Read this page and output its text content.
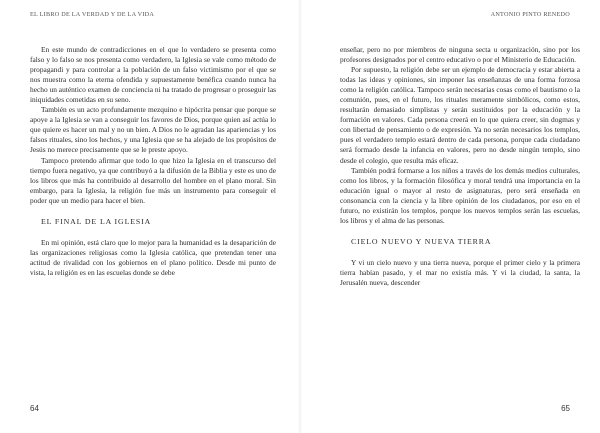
EL LIBRO DE LA VERDAD Y DE LA VIDA

En este mundo de contradicciones en el que lo verdadero se presenta como falso y lo falso se nos presenta como verdadero, la Iglesia se vale como método de propagandi y para controlar a la población de un falso victimismo por el que se nos muestra como la eterna ofendida y supuestamente benéfica cuando nunca ha hecho un auténtico examen de conciencia ni ha tratado de progresar o proseguir las iniquidades cometidas en su seno.

También es un acto profundamente mezquino e hipócrita pensar que porque se apoye a la Iglesia se van a conseguir los favores de Dios, porque quien así actúa lo que quiere es hacer un mal y no un bien. A Dios no le agradan las apariencias y los falsos rituales, sino los hechos, y una Iglesia que se ha alejado de los propósitos de Jesús no merece precisamente que se le preste apoyo.

Tampoco pretendo afirmar que todo lo que hizo la Iglesia en el transcurso del tiempo fuera negativo, ya que contribuyó a la difusión de la Biblia y este es uno de los libros que más ha contribuido al desarrollo del hombre en el plano moral. Sin embargo, para la Iglesia, la religión fue más un instrumento para conseguir el poder que un medio para hacer el bien.

EL FINAL DE LA IGLESIA

En mi opinión, está claro que lo mejor para la humanidad es la desaparición de las organizaciones religiosas como la Iglesia católica, que pretendan tener una actitud de rivalidad con los gobiernos en el plano político. Desde mi punto de vista, la religión es en las escuelas donde se debe

64
ANTONIO PINTO RENEDO

enseñar, pero no por miembros de ninguna secta u organización, sino por los profesores designados por el centro educativo o por el Ministerio de Educación.

Por supuesto, la religión debe ser un ejemplo de democracia y estar abierta a todas las ideas y opiniones, sin imponer las enseñanzas de una forma forzosa como la religión católica. Tampoco serán necesarias cosas como el bautismo o la comunión, pues, en el futuro, los rituales meramente simbólicos, como estos, resultarán demasiado simplistas y serán sustituidos por la educación y la formación en valores. Cada persona creerá en lo que quiera creer, sin dogmas y con libertad de pensamiento o de expresión. Ya no serán necesarios los templos, pues el verdadero templo estará dentro de cada persona, porque cada ciudadano será formado desde la infancia en valores, pero no desde ningún templo, sino desde el colegio, que resulta más eficaz.

También podrá formarse a los niños a través de los demás medios culturales, como los libros, y la formación filosófica y moral tendrá una importancia en la educación igual o mayor al resto de asignaturas, pero será enseñada en consonancia con la ciencia y la libre opinión de los ciudadanos, por eso en el futuro, no existirán los templos, porque los nuevos templos serán las escuelas, los libros y el alma de las personas.

CIELO NUEVO Y NUEVA TIERRA

Y vi un cielo nuevo y una tierra nueva, porque el primer cielo y la primera tierra habían pasado, y el mar no existía más. Y vi la ciudad, la santa, la Jerusalén nueva, descender

65
